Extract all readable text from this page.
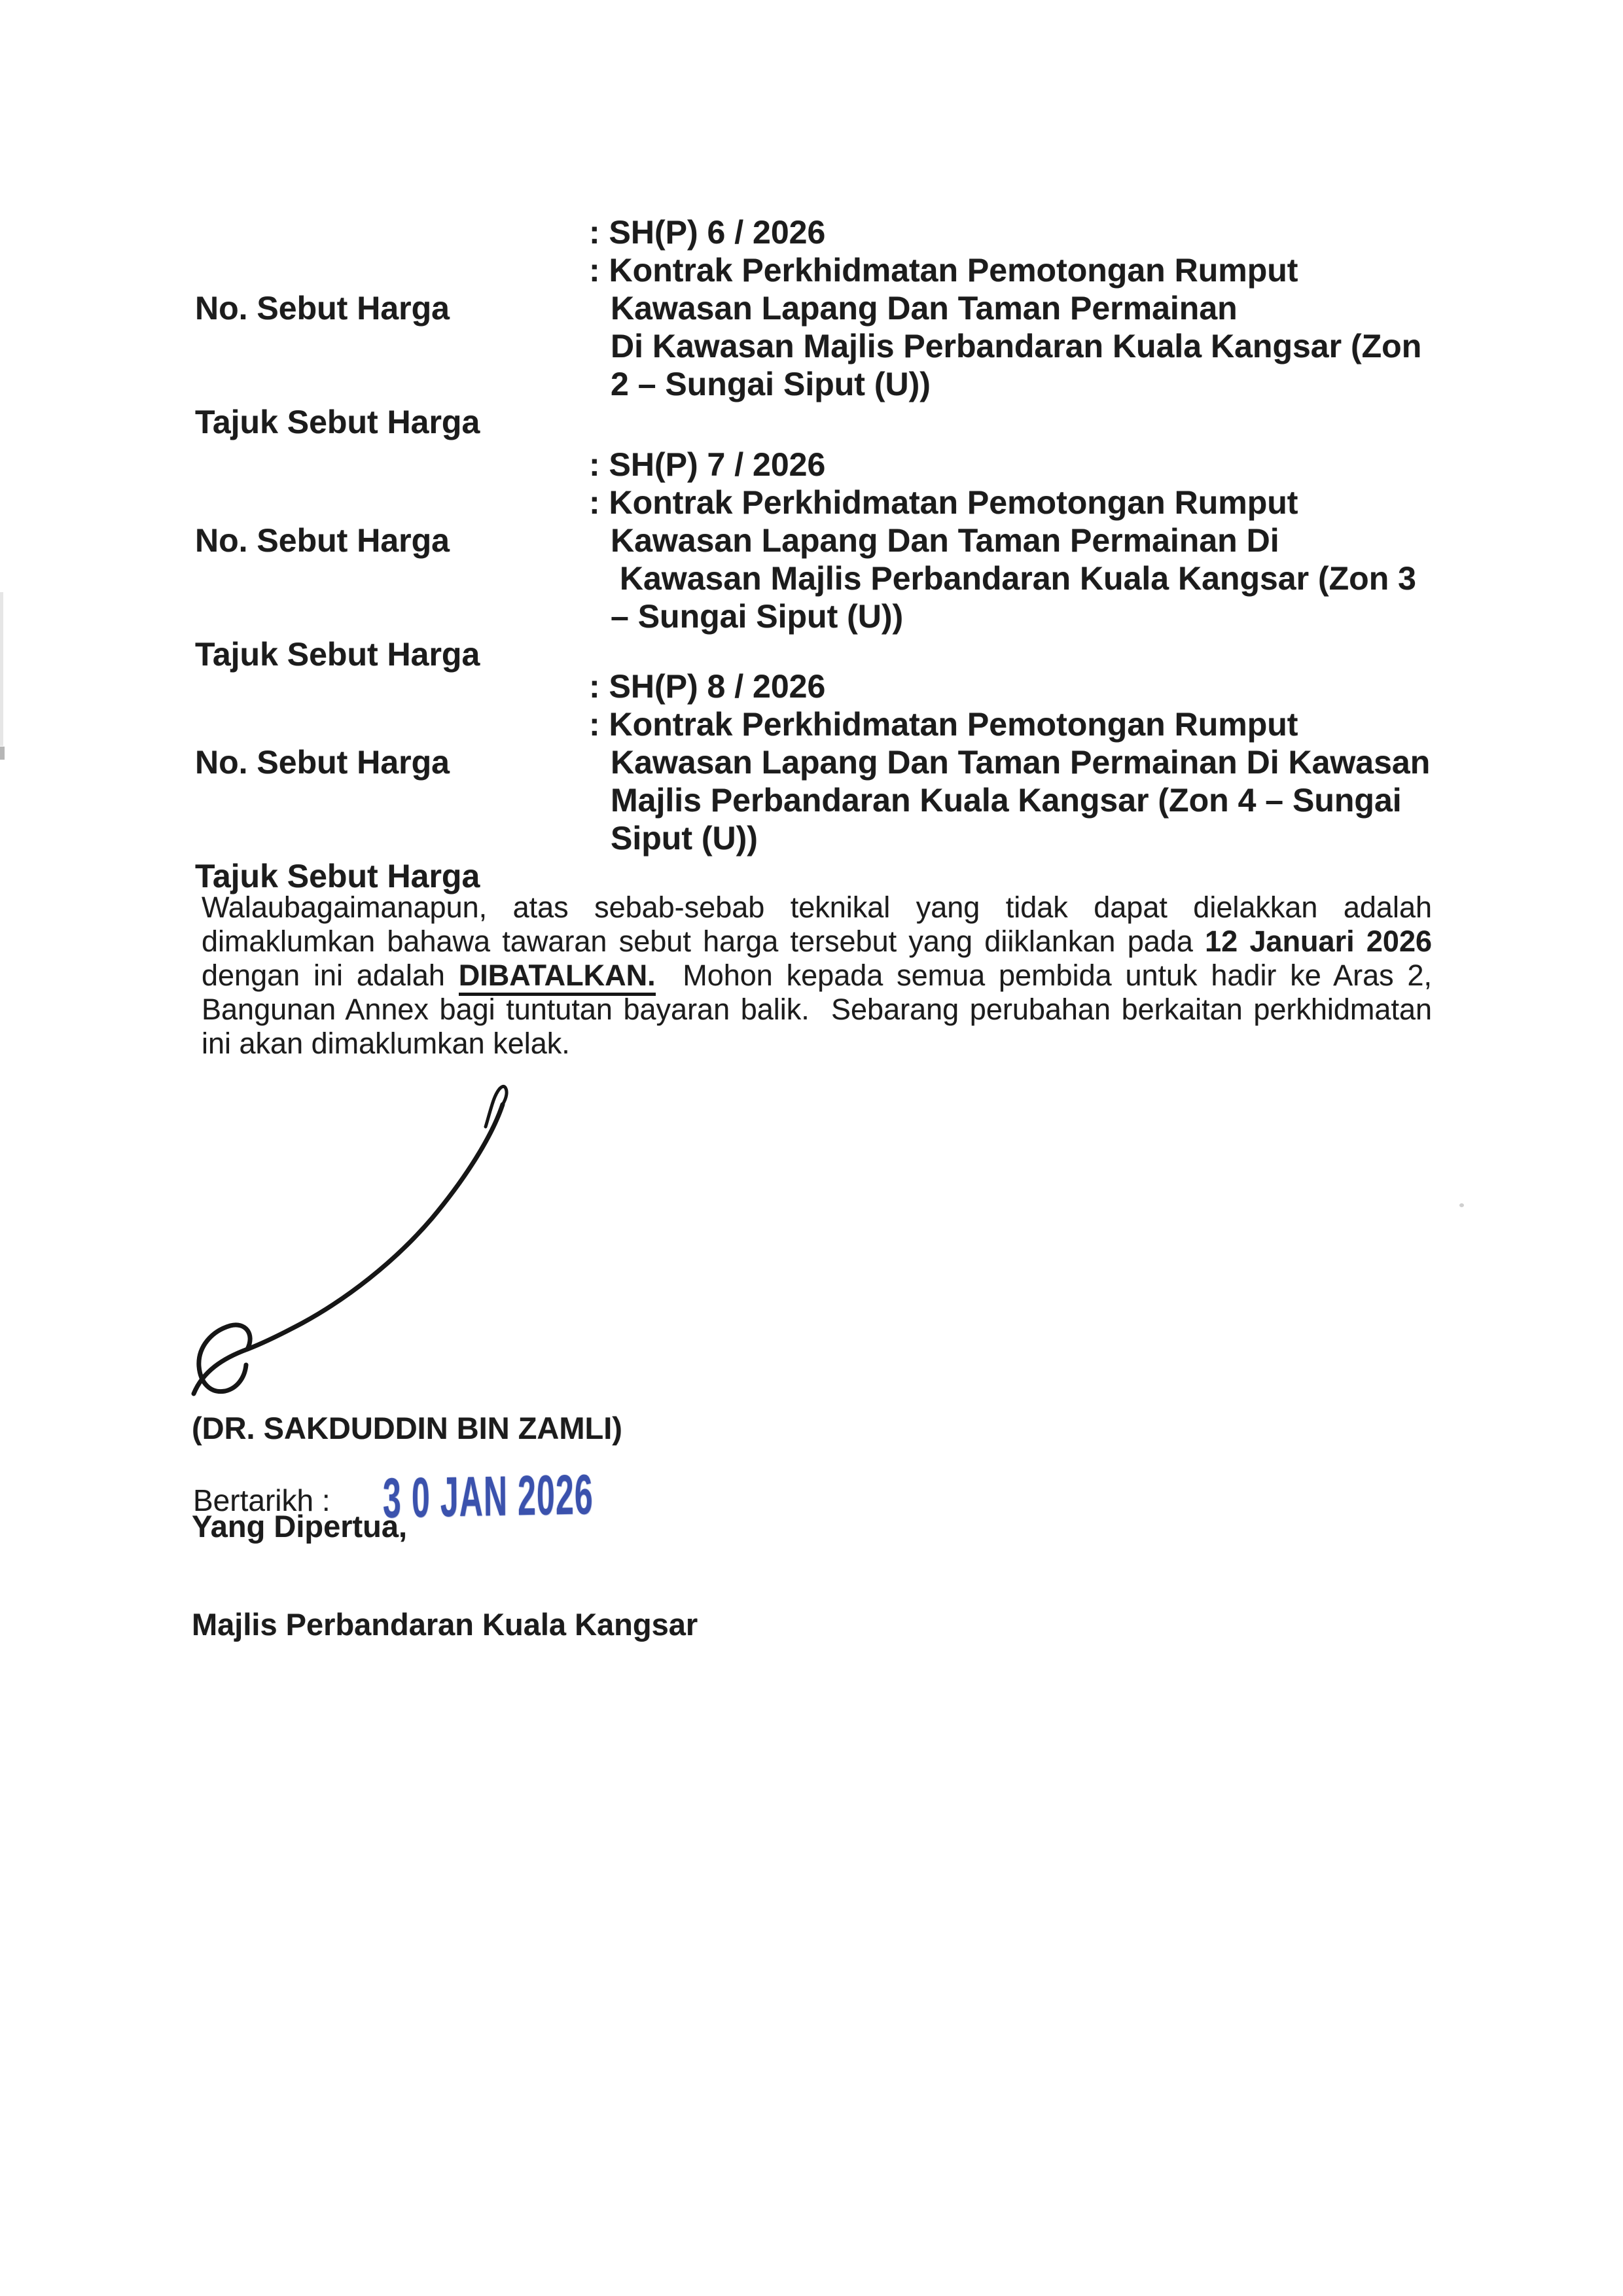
No. Sebut Harga

Tajuk Sebut Harga

: SH(P) 6 / 2026
: Kontrak Perkhidmatan Pemotongan Rumput
Kawasan Lapang Dan Taman Permainan
Di Kawasan Majlis Perbandaran Kuala Kangsar (Zon
2 – Sungai Siput (U))

No. Sebut Harga

Tajuk Sebut Harga

: SH(P) 7 / 2026
: Kontrak Perkhidmatan Pemotongan Rumput
Kawasan Lapang Dan Taman Permainan Di
Kawasan Majlis Perbandaran Kuala Kangsar (Zon 3
– Sungai Siput (U))

No. Sebut Harga

Tajuk Sebut Harga

: SH(P) 8 / 2026
: Kontrak Perkhidmatan Pemotongan Rumput
Kawasan Lapang Dan Taman Permainan Di Kawasan
Majlis Perbandaran Kuala Kangsar (Zon 4 – Sungai
Siput (U))
Walaubagaimanapun, atas sebab-sebab teknikal yang tidak dapat dielakkan adalah
dimaklumkan bahawa tawaran sebut harga tersebut yang diiklankan pada 12 Januari 2026
dengan ini adalah DIBATALKAN.  Mohon kepada semua pembida untuk hadir ke Aras 2,
Bangunan Annex bagi tuntutan bayaran balik.  Sebarang perubahan berkaitan perkhidmatan
ini akan dimaklumkan kelak.

(DR. SAKDUDDIN BIN ZAMLI)

Yang Dipertua,

Majlis Perbandaran Kuala Kangsar

Bertarikh : 3 0 JAN 2026
